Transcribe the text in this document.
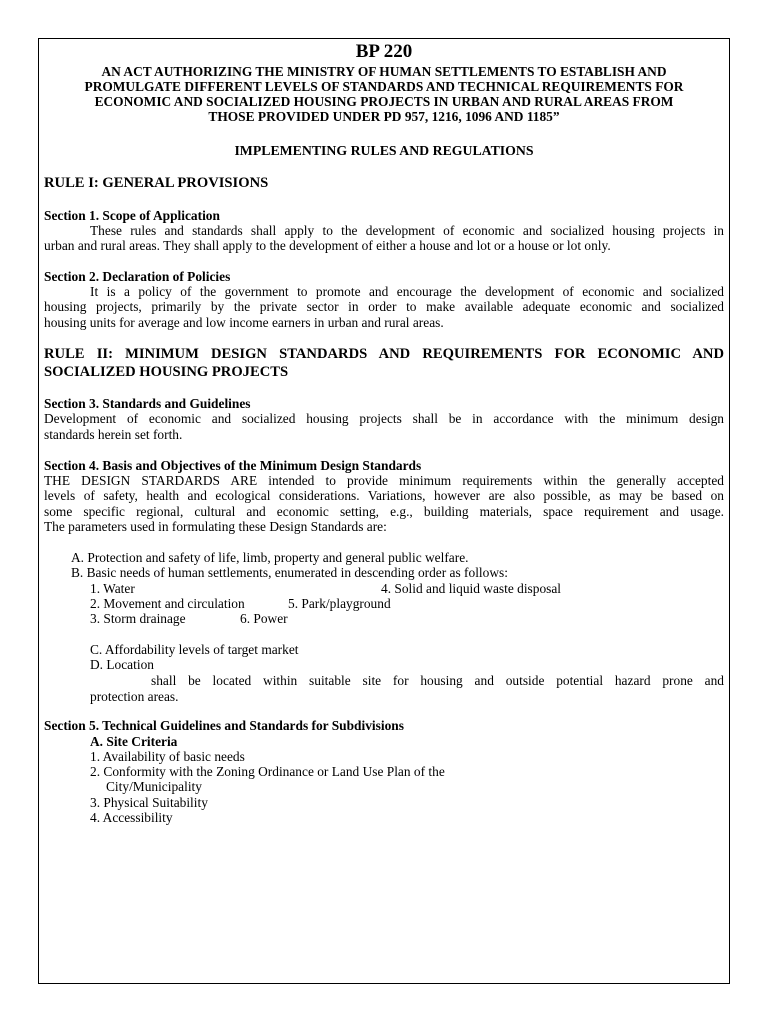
BP 220
AN ACT AUTHORIZING THE MINISTRY OF HUMAN SETTLEMENTS TO ESTABLISH AND
PROMULGATE DIFFERENT LEVELS OF STANDARDS AND TECHNICAL REQUIREMENTS FOR
ECONOMIC AND SOCIALIZED HOUSING PROJECTS IN URBAN AND RURAL AREAS FROM
THOSE PROVIDED UNDER PD 957, 1216, 1096 AND 1185”
IMPLEMENTING RULES AND REGULATIONS
RULE I: GENERAL PROVISIONS
Section 1. Scope of Application
These rules and standards shall apply to the development of economic and socialized housing projects in
urban and rural areas. They shall apply to the development of either a house and lot or a house or lot only.
Section 2. Declaration of Policies
It is a policy of the government to promote and encourage the development of economic and socialized
housing projects, primarily by the private sector in order to make available adequate economic and socialized
housing units for average and low income earners in urban and rural areas.
RULE II: MINIMUM DESIGN STANDARDS AND REQUIREMENTS FOR ECONOMIC AND
SOCIALIZED HOUSING PROJECTS
Section 3. Standards and Guidelines
Development of economic and socialized housing projects shall be in accordance with the minimum design
standards herein set forth.
Section 4. Basis and Objectives of the Minimum Design Standards
THE DESIGN STARDARDS ARE intended to provide minimum requirements within the generally accepted
levels of safety, health and ecological considerations. Variations, however are also possible, as may be based on
some specific regional, cultural and economic setting, e.g., building materials, space requirement and usage.
The parameters used in formulating these Design Standards are:
A. Protection and safety of life, limb, property and general public welfare.
B. Basic needs of human settlements, enumerated in descending order as follows:
1. Water	4. Solid and liquid waste disposal
2. Movement and circulation	5. Park/playground
3. Storm drainage	6. Power
C. Affordability levels of target market
D. Location
shall be located within suitable site for housing and outside potential hazard prone and
protection areas.
Section 5. Technical Guidelines and Standards for Subdivisions
A. Site Criteria
1. Availability of basic needs
2. Conformity with the Zoning Ordinance or Land Use Plan of the
City/Municipality
3. Physical Suitability
4. Accessibility
